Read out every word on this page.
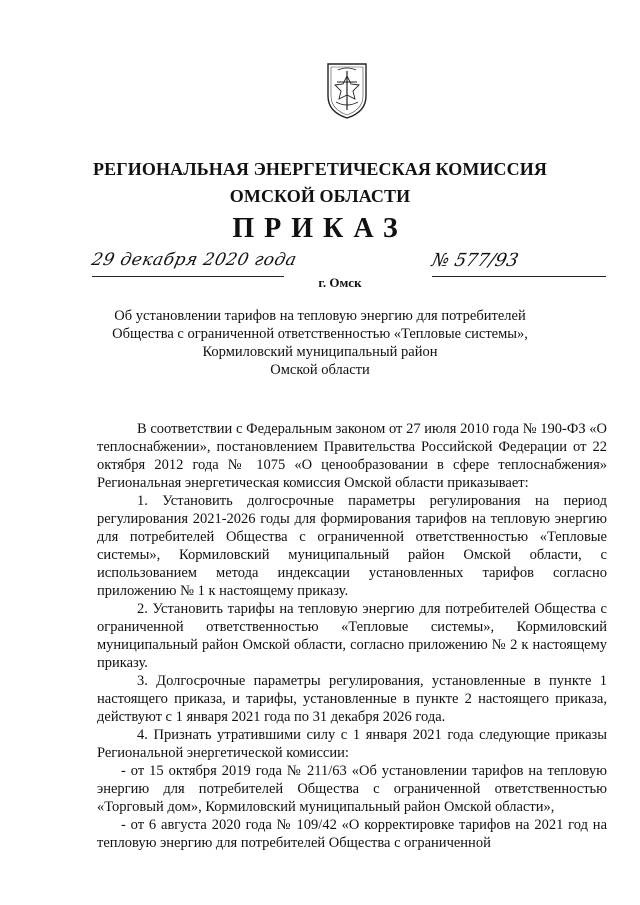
РЕГИОНАЛЬНАЯ ЭНЕРГЕТИЧЕСКАЯ КОМИССИЯ
ОМСКОЙ ОБЛАСТИ
ПРИКАЗ
29 декабря 2020 года
г. Омск
№ 577/93
Об установлении тарифов на тепловую энергию для потребителей
Общества с ограниченной ответственностью «Тепловые системы»,
Кормиловский муниципальный район
Омской области

В соответствии с Федеральным законом от 27 июля 2010 года № 190-ФЗ «О теплоснабжении», постановлением Правительства Российской Федерации от 22 октября 2012 года № 1075 «О ценообразовании в сфере теплоснабжения» Региональная энергетическая комиссия Омской области приказывает:

1. Установить долгосрочные параметры регулирования на период регулирования 2021-2026 годы для формирования тарифов на тепловую энергию для потребителей Общества с ограниченной ответственностью «Тепловые системы», Кормиловский муниципальный район Омской области, с использованием метода индексации установленных тарифов согласно приложению № 1 к настоящему приказу.

2. Установить тарифы на тепловую энергию для потребителей Общества с ограниченной ответственностью «Тепловые системы», Кормиловский муниципальный район Омской области, согласно приложению № 2 к настоящему приказу.

3. Долгосрочные параметры регулирования, установленные в пункте 1 настоящего приказа, и тарифы, установленные в пункте 2 настоящего приказа, действуют с 1 января 2021 года по 31 декабря 2026 года.

4. Признать утратившими силу с 1 января 2021 года следующие приказы Региональной энергетической комиссии:

- от 15 октября 2019 года № 211/63 «Об установлении тарифов на тепловую энергию для потребителей Общества с ограниченной ответственностью «Торговый дом», Кормиловский муниципальный район Омской области»,

- от 6 августа 2020 года № 109/42 «О корректировке тарифов на 2021 год на тепловую энергию для потребителей Общества с ограниченной
